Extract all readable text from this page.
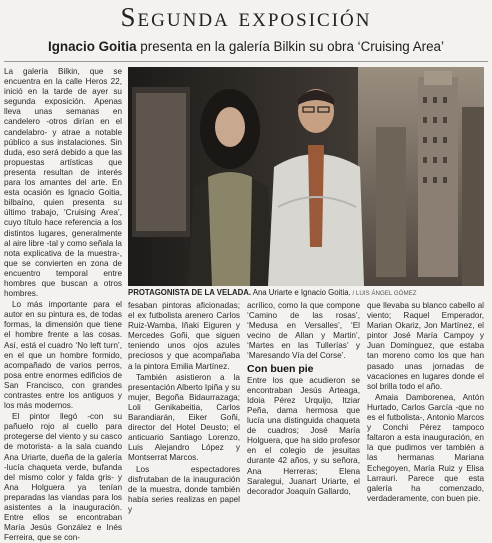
Segunda exposición
Ignacio Goitia presenta en la galería Bilkin su obra ‘Cruising Area’

La galería Bilkin, que se encuentra en la calle Heros 22, inició en la tarde de ayer su segunda exposición. Apenas lleva unas semanas en candelero -otros dirían en el candelabro- y atrae a notable público a sus instalaciones. Sin duda, eso será debido a que las propuestas artísticas que presenta resultan de interés para los amantes del arte. En esta ocasión es Ignacio Goitia, bilbaíno, quien presenta su último trabajo, ‘Cruising Area’, cuyo título hace referencia a los distintos lugares, generalmente al aire libre -tal y como señala la nota explicativa de la muestra-, que se convierten en zona de encuentro temporal entre hombres que buscan a otros hombres.

Lo más importante para el autor en su pintura es, de todas formas, la dimensión que tiene el hombre frente a las cosas. Así, está el cuadro ‘No left turn’, en el que un hombre formido, acompañado de varios perros, posa entre enormes edificios de San Francisco, con grandes contrastes entre los antiguos y los más modernos.

El pintor llegó -con su pañuelo rojo al cuello para protegerse del viento y su casco de motorista- a la sala cuando Ana Uriarte, dueña de la galería -lucía chaqueta verde, bufanda del mismo color y falda gris- y Ana Holguera ya tenían preparadas las viandas para los asistentes a la inauguración. Entre ellos se encontraban María Jesús González e Inés Ferreira, que se con-

PROTAGONISTA DE LA VELADA. Ana Uriarte e Ignacio Goitia. / LUIS ÁNGEL GÓMEZ

fesaban pintoras aficionadas; el ex futbolista arenero Carlos Ruiz-Wamba, Iñaki Eiguren y Mercedes Goñi, que siguen teniendo unos ojos azules preciosos y que acompañaba a la pintora Emilia Martínez.

También asistieron a la presentación Alberto Ipiña y su mujer, Begoña Bidaurrazaga; Loli Genikabeitia, Carlos Barandiarán, Eiker Goñi, director del Hotel Deusto; el anticuario Santiago Lorenzo, Luis Alejandro López y Montserrat Marcos.

Los espectadores disfrutaban de la inauguración de la muestra, donde también había series realizas en papel y

acrílico, como la que compone ‘Camino de las rosas’, ‘Medusa en Versalles’, ‘El vecino de Allan y Martin’, ‘Martes en las Tullerías’ y ‘Maresando Vía del Corse’.

Con buen pie

Entre los que acudieron se encontraban Jesús Arteaga, Idoia Pérez Urquijo, Itziar Peña, dama hermosa que lucía una distinguida chaqueta de cuadros; José María Holguera, que ha sido profesor en el colegio de jesuitas durante 42 años, y su señora, Ana Herreras; Elena Saralegui, Juanart Uriarte, el decorador Joaquín Gallardo,

que llevaba su blanco cabello al viento; Raquel Emperador, Marian Okariz, Jon Martínez, el pintor José María Campoy y Juan Domínguez, que estaba tan moreno como los que han pasado unas jornadas de vacaciones en lugares donde el sol brilla todo el año.

Amaia Damborenea, Antón Hurtado, Carlos García -que no es el futbolista-, Antonio Marcos y Conchi Pérez tampoco faltaron a esta inauguración, en la que pudimos ver también a las hermanas Mariana Echegoyen, María Ruiz y Elisa Larrauri. Parece que esta galería ha comenzado, verdaderamente, con buen pie.
